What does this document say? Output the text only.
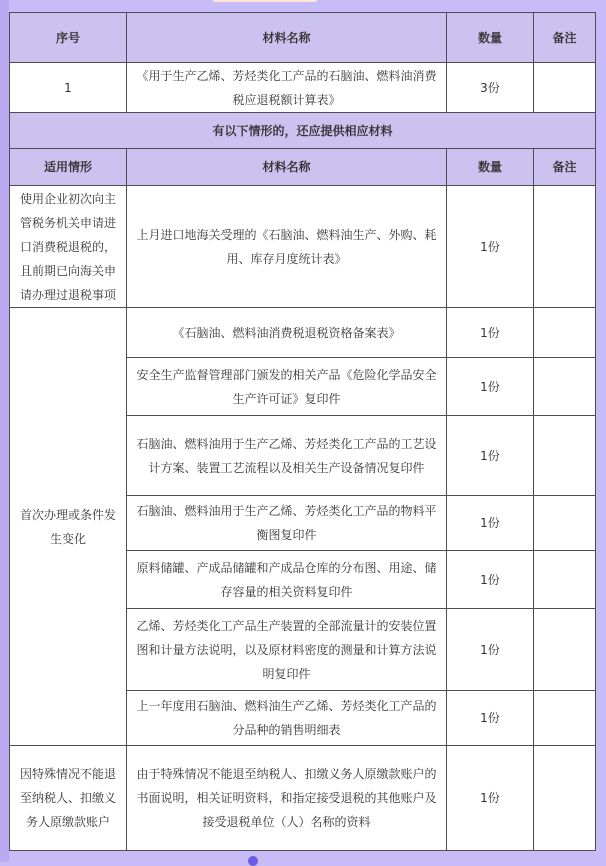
序号	材料名称	数量	备注
1	《用于生产乙烯、芳烃类化工产品的石脑油、燃料油消费税应退税额计算表》	3份	
有以下情形的，还应提供相应材料			
适用情形	材料名称	数量	备注
使用企业初次向主管税务机关申请进口消费税退税的，且前期已向海关申请办理过退税事项	上月进口地海关受理的《石脑油、燃料油生产、外购、耗用、库存月度统计表》	1份	
首次办理或条件发生变化	《石脑油、燃料油消费税退税资格备案表》	1份	
	安全生产监督管理部门颁发的相关产品《危险化学品安全生产许可证》复印件	1份	
	石脑油、燃料油用于生产乙烯、芳烃类化工产品的工艺设计方案、装置工艺流程以及相关生产设备情况复印件	1份	
	石脑油、燃料油用于生产乙烯、芳烃类化工产品的物料平衡图复印件	1份	
	原料储罐、产成品储罐和产成品仓库的分布图、用途、储存容量的相关资料复印件	1份	
	乙烯、芳烃类化工产品生产装置的全部流量计的安装位置图和计量方法说明，以及原材料密度的测量和计算方法说明复印件	1份	
	上一年度用石脑油、燃料油生产乙烯、芳烃类化工产品的分品种的销售明细表	1份	
因特殊情况不能退至纳税人、扣缴义务人原缴款账户	由于特殊情况不能退至纳税人、扣缴义务人原缴款账户的书面说明，相关证明资料，和指定接受退税的其他账户及接受退税单位（人）名称的资料	1份	
